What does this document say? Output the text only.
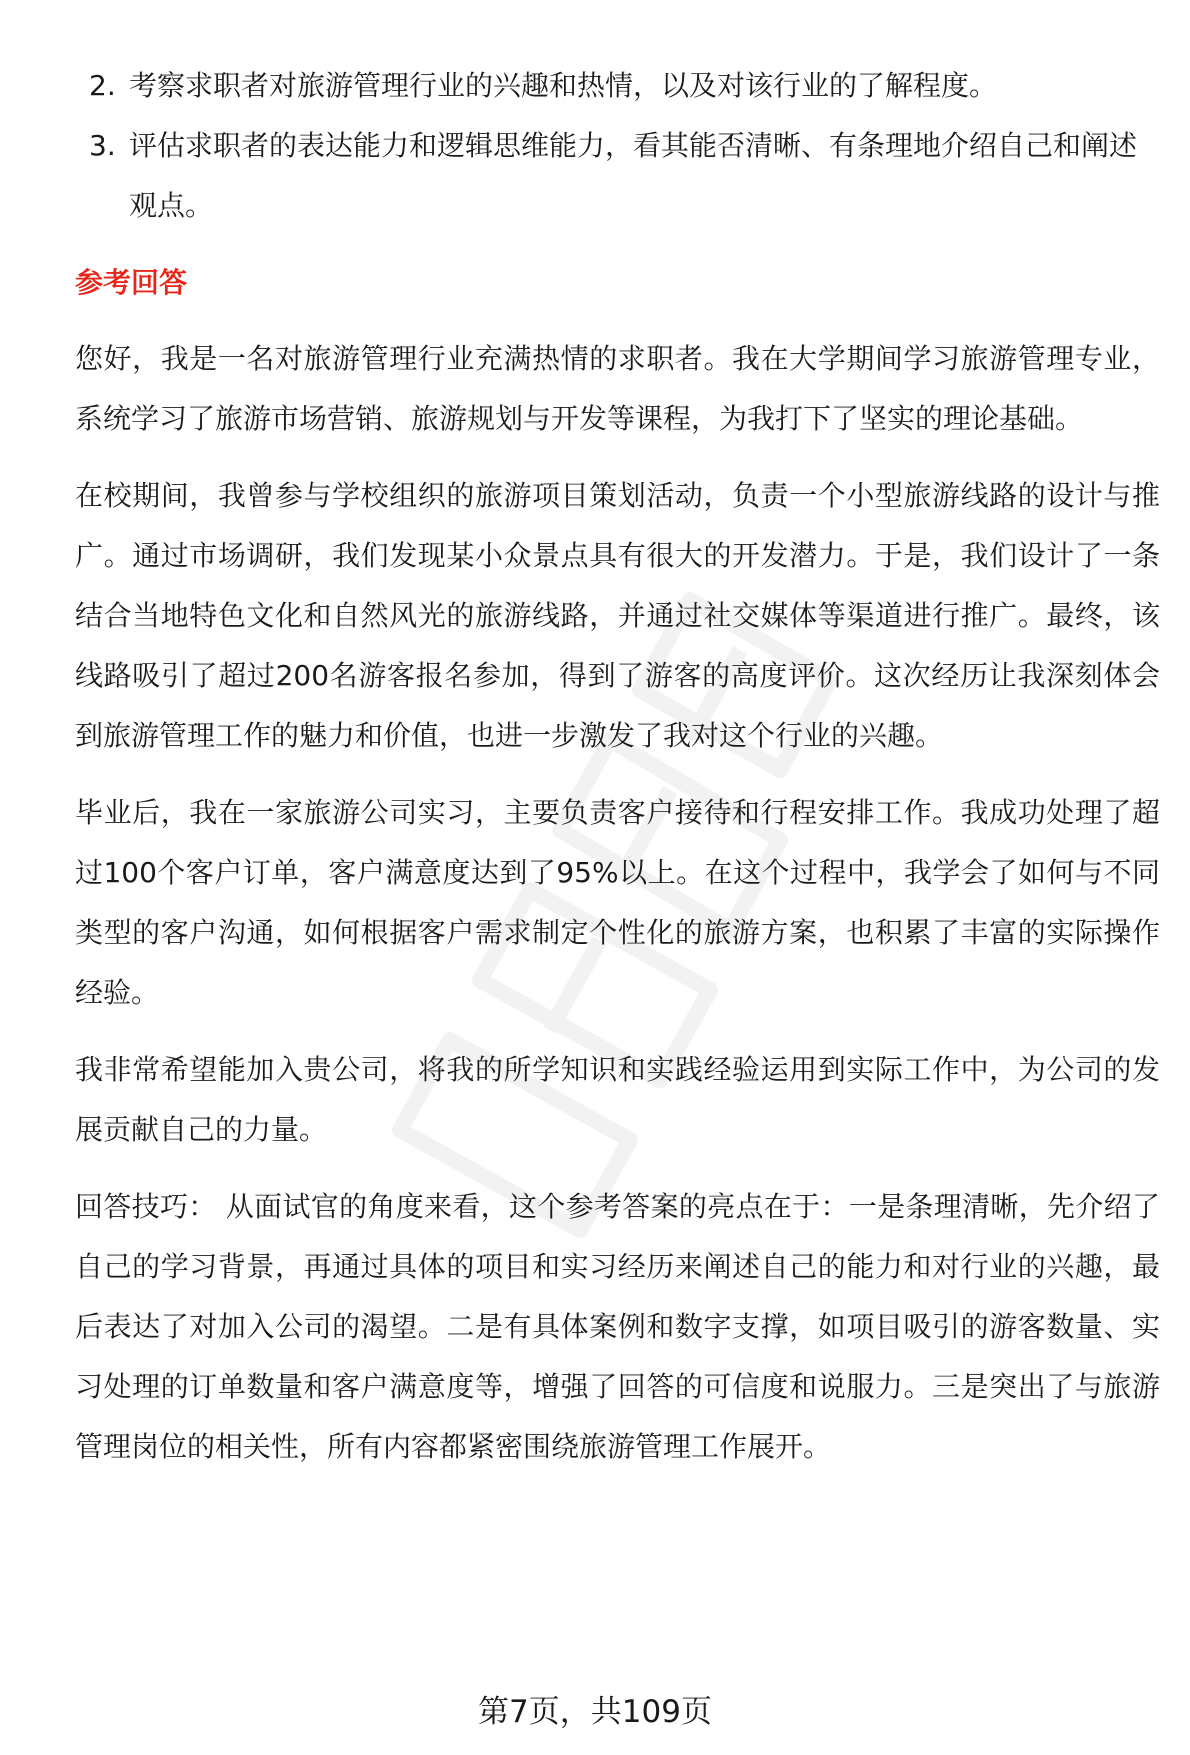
2. 考察求职者对旅游管理行业的兴趣和热情，以及对该行业的了解程度。
3. 评估求职者的表达能力和逻辑思维能力，看其能否清晰、有条理地介绍自己和阐述观点。
参考回答

您好，我是一名对旅游管理行业充满热情的求职者。我在大学期间学习旅游管理专业，系统学习了旅游市场营销、旅游规划与开发等课程，为我打下了坚实的理论基础。

在校期间，我曾参与学校组织的旅游项目策划活动，负责一个小型旅游线路的设计与推广。通过市场调研，我们发现某小众景点具有很大的开发潜力。于是，我们设计了一条结合当地特色文化和自然风光的旅游线路，并通过社交媒体等渠道进行推广。最终，该线路吸引了超过200名游客报名参加，得到了游客的高度评价。这次经历让我深刻体会到旅游管理工作的魅力和价值，也进一步激发了我对这个行业的兴趣。

毕业后，我在一家旅游公司实习，主要负责客户接待和行程安排工作。我成功处理了超过100个客户订单，客户满意度达到了95%以上。在这个过程中，我学会了如何与不同类型的客户沟通，如何根据客户需求制定个性化的旅游方案，也积累了丰富的实际操作经验。

我非常希望能加入贵公司，将我的所学知识和实践经验运用到实际工作中，为公司的发展贡献自己的力量。

回答技巧： 从面试官的角度来看，这个参考答案的亮点在于：一是条理清晰，先介绍了自己的学习背景，再通过具体的项目和实习经历来阐述自己的能力和对行业的兴趣，最后表达了对加入公司的渴望。二是有具体案例和数字支撑，如项目吸引的游客数量、实习处理的订单数量和客户满意度等，增强了回答的可信度和说服力。三是突出了与旅游管理岗位的相关性，所有内容都紧密围绕旅游管理工作展开。

第7页，共109页
